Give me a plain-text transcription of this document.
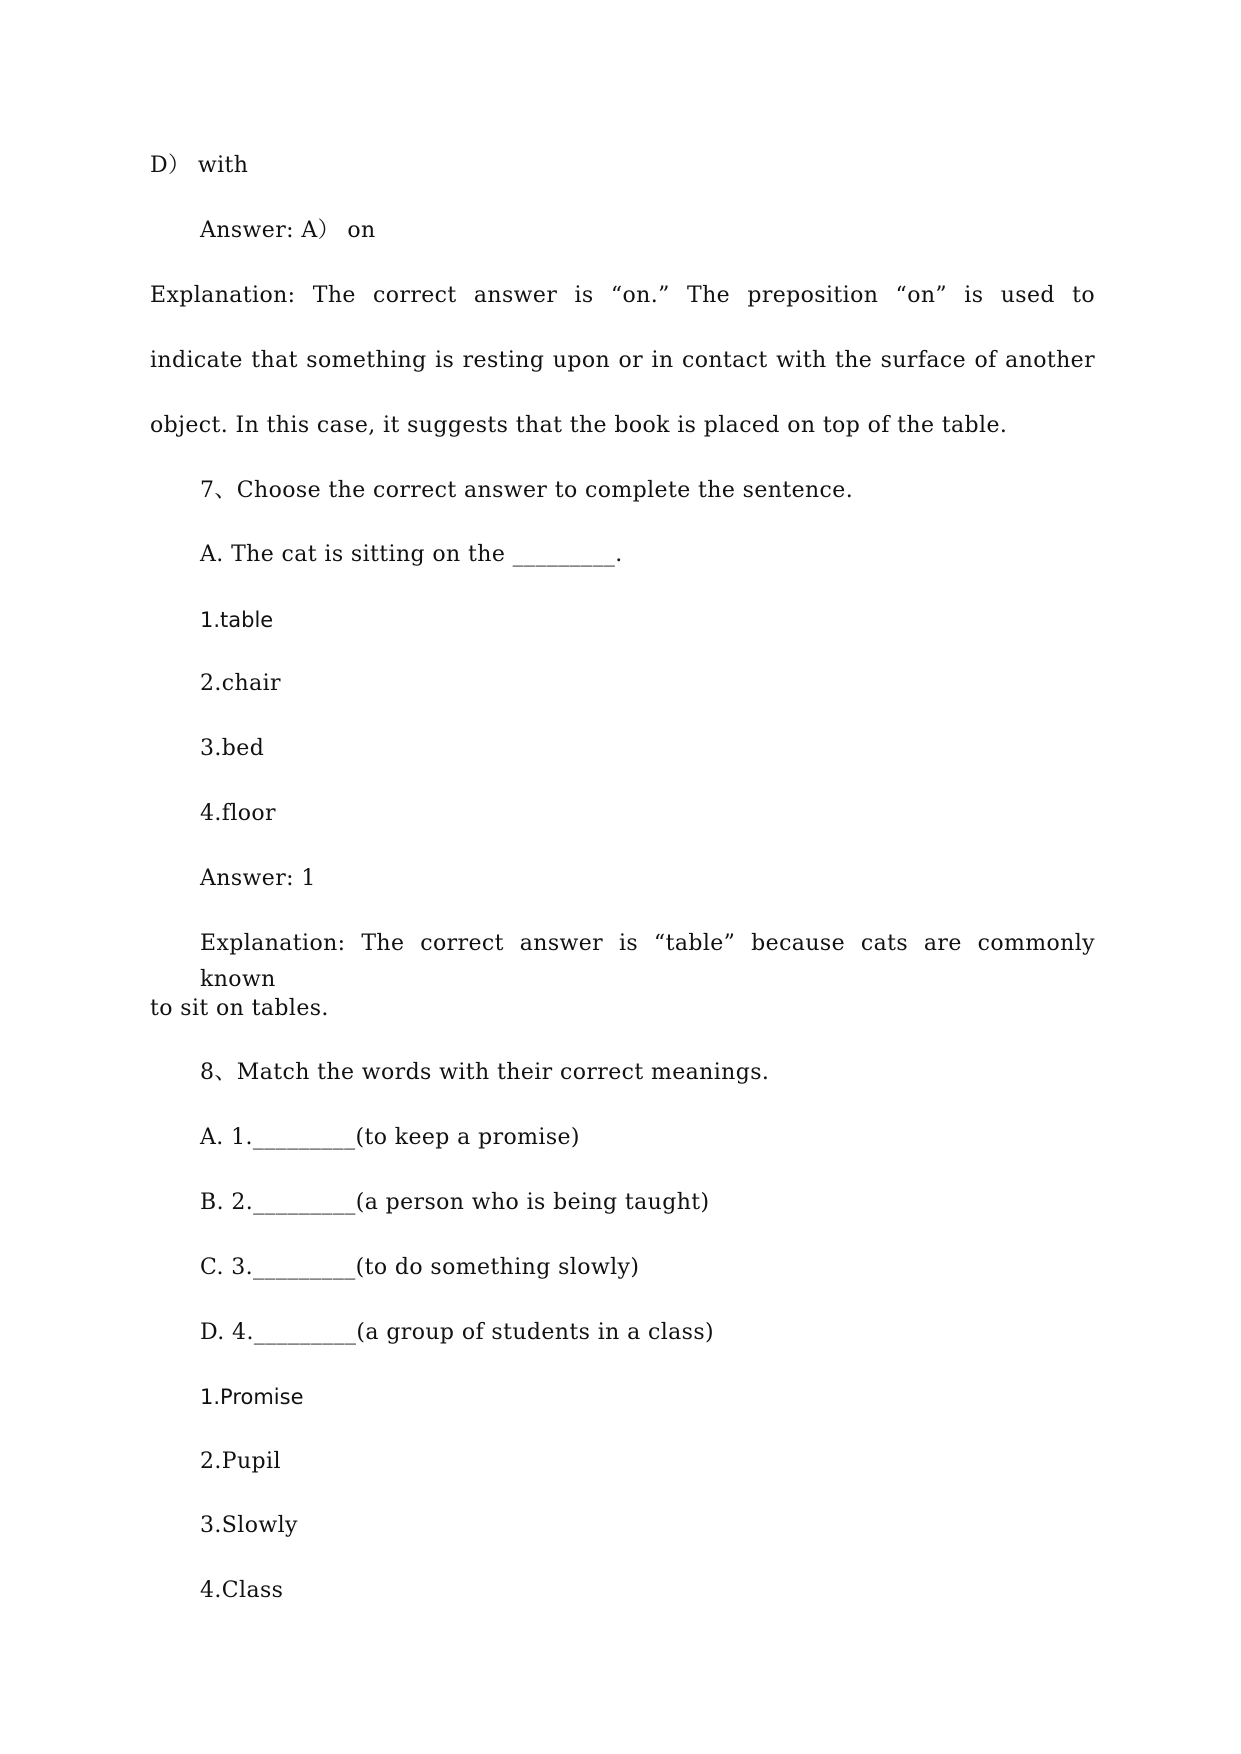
D） with
Answer: A） on
Explanation: The correct answer is “on.” The preposition “on” is used to
indicate that something is resting upon or in contact with the surface of another
object. In this case, it suggests that the book is placed on top of the table.
7、Choose the correct answer to complete the sentence.
A. The cat is sitting on the _________.
1.table
2.chair
3.bed
4.floor
Answer: 1
Explanation: The correct answer is “table” because cats are commonly known
to sit on tables.
8、Match the words with their correct meanings.
A. 1._________(to keep a promise)
B. 2._________(a person who is being taught)
C. 3._________(to do something slowly)
D. 4._________(a group of students in a class)
1.Promise
2.Pupil
3.Slowly
4.Class
